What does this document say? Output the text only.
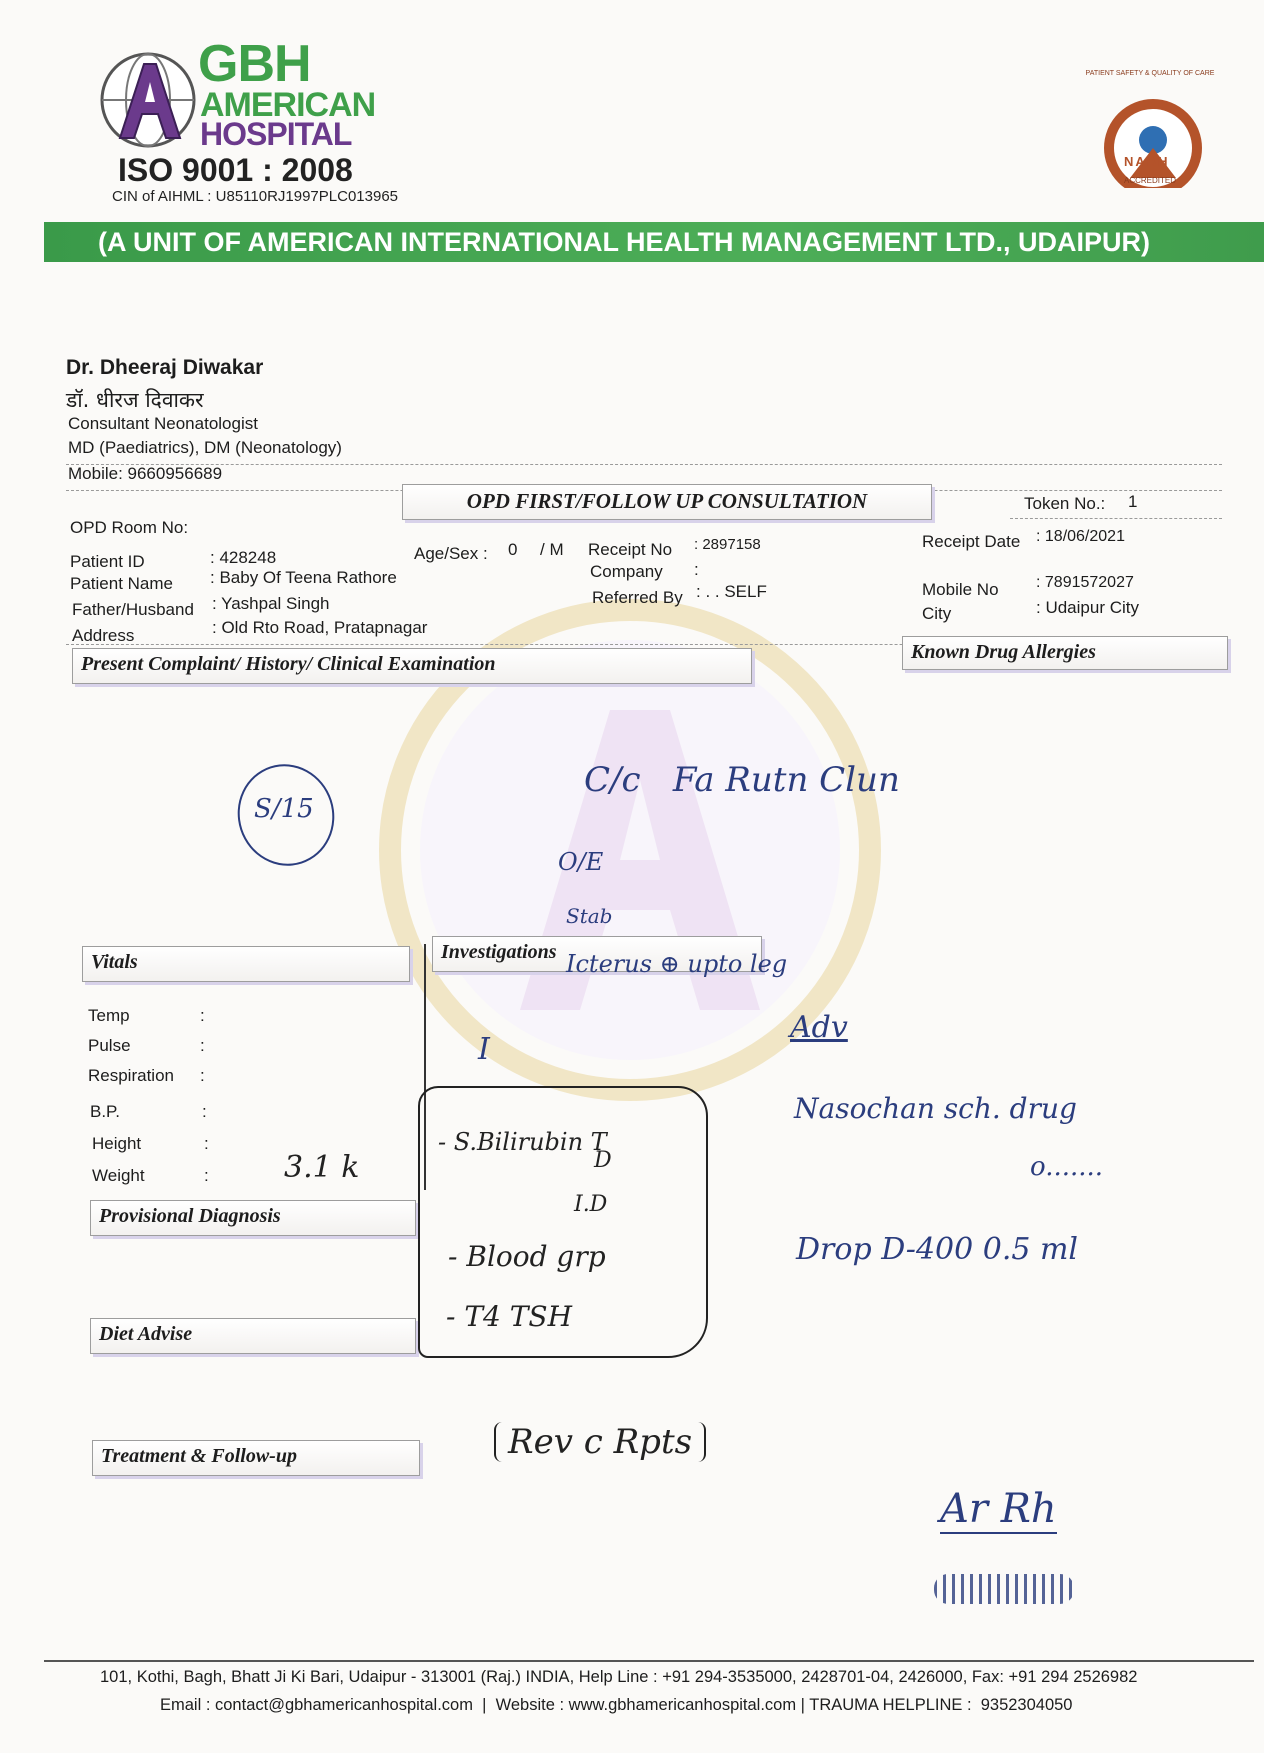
GBH
AMERICAN
HOSPITAL
ISO 9001 : 2008
CIN of AIHML : U85110RJ1997PLC013965
PATIENT SAFETY & QUALITY OF CARE
NABH
ACCREDITED
(A UNIT OF AMERICAN INTERNATIONAL HEALTH MANAGEMENT LTD., UDAIPUR)
Dr. Dheeraj Diwakar
डॉ. धीरज दिवाकर
Consultant Neonatologist
MD (Paediatrics), DM (Neonatology)
Mobile: 9660956689
OPD FIRST/FOLLOW UP CONSULTATION	Token No.: 1
OPD Room No:
Patient ID	: 428248
Patient Name : Baby Of Teena Rathore
Father/Husband : Yashpal Singh
Address	: Old Rto Road, Pratapnagar
Age/Sex : 0 / M Receipt No : 2897158
Company :
Referred By : . . SELF
Receipt Date : 18/06/2021
Mobile No : 7891572027
City	: Udaipur City
Present Complaint/ History/ Clinical Examination
Known Drug Allergies
Vitals	Investigations
Provisional Diagnosis
Diet Advise
Treatment & Follow-up
Temp	:
Pulse	:
Respiration :
B.P.	:
Height	:
Weight	:
S/15
C/c   Fa Rutn Clun
O/E
Stab
Icterus ⊕ upto leg
Adv
Nasochan sch. drug
o.......
Drop D-400 0.5 ml
I
- S.Bilirubin T
D
I.D
- Blood grp
- T4 TSH
3.1 k
Rev c Rpts
Ar Rh
101, Kothi, Bagh, Bhatt Ji Ki Bari, Udaipur - 313001 (Raj.) INDIA, Help Line : +91 294-3535000, 2428701-04, 2426000, Fax: +91 294 2526982
Email : contact@gbhamericanhospital.com  |  Website : www.gbhamericanhospital.com | TRAUMA HELPLINE :  9352304050
